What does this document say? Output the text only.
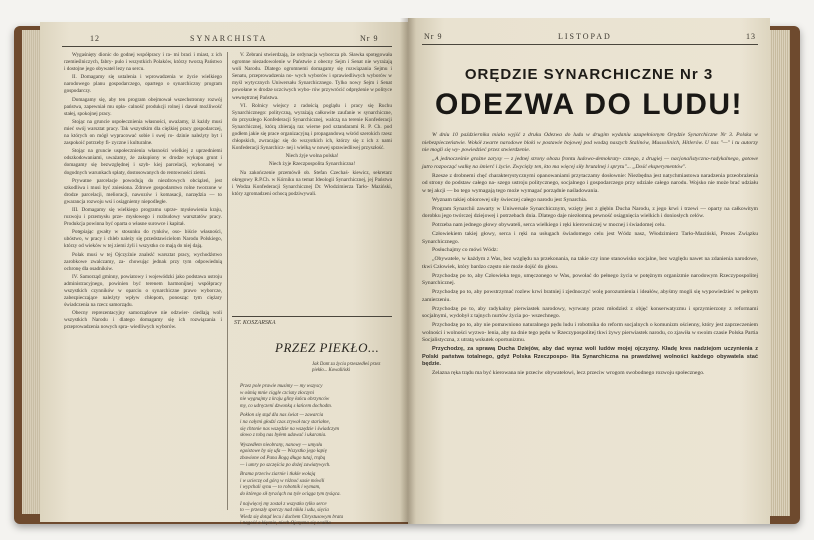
12	SYNARCHISTA	Nr 9

Wygaśnięty dionic do godnej współpracy i ra- mi braci i miast, z ich rzemieślniczych, fabry- pulo i wszystkich Polaków, którzy tworzą Państwo i dostojne jego obywatel lezy na sercu.

II. Domagamy się ustalenia i wprowadzenia w życie wielkiego narodowego planu gospodarczego, opartego o synarchiczny program gospodarczy.

Domagamy się, aby ten program obejmował wszechstronny rozwój państwa, zapewniał mu opła- calność produkcji rolnej i dawał możliwość stałej, spokojnej pracy.

Stojąc na gruncie uspołecznienia własności, uważamy, iż każdy musi mieć swój warsztat pracy. Tak wszystkim dla ciężkiej pracy gospodarczej, na których on mógł wypracować sobie i swej ro- dzinie należyty byt i zaspokoić potrzeby fi- zyczne i kulturalne.

Stojąc na gruncie uspołecznienia własności wielkiej z uprzedniemi odszkodowaniami, uważamy, że zakupiony w drodze wykupu grunt i domagamy się bezwzględnej i szyb- kiej parcelacji, wykonanej w dogodnych warunkach spłaty, dostosowanych do rentowności ziemi.

Prywatne parcelacje powodują do niezdrowych obciążeń, jest szkodliwa i musi być zniesiona. Zdrowe gospodarstwo rolne tworzone w drodze parcelacji, melioracji, nawozów i komasacji, narzędzia — to gwarancja rozwoju wsi i osiągniemy niepodległe.

III. Domagamy się wielkiego programu uprze- mysłowienia kraju, rozwoju i przemysłu prze- mysłowego i rozbudowy warsztatów pracy. Produkcja powinna być oparta o własne surowce i kapitał.

Potępiając gwałty w stosunku do rynków, oso- biście własności, ubóstwo, w pracy i chleb należy się przedstawicielom Narodu Polskiego, którzy od wieków w tej ziemi żyli i wszystko co mają do niej dają.

Polak musi w tej Ojczyźnie znaleźć warsztat pracy, wychodźstwo zarobkowe zwalczamy, za- chowując jednak przy tym odpowiednią ochronę dla osadników.

IV. Samorząd gminny, powiatowy i wojewódzki jako podstawa ustroju administracyjnego, powinien być terenem harmonijnej współpracy wszystkich czynników w oparciu o synarchiczne prawo wyborcze, zabezpieczające należyty wpływ chłopom, ponosząc tym ciężary świadczenia na rzecz samorządu.

Obecny reprezentacyjny samorządowe nie odzwier- ciedlają woli wszystkich Narodu i dlatego domagamy się ich rozwiązania i przeprowadzenia nowych spra- wiedliwych wyborów.

V. Zebrani stwierdzają, że ordynacja wyborcza pb. Sławka spotęgowała ogromne niezadowolenie w Państwie z obecny Sejm i Senat nie wyrażają woli Narodu. Dlatego ogromnemi domagamy się rozwiązania Sejmu i Senatu, przeprowadzenia no- wych wyborów i sprawiedliwych wyborów w myśl wytycznych Uniwersału Synarchicznego. Tylko nowy Sejm i Senat powołane w drodze uczciwych wybo- rów przywrócić odprężenie w polityce wewnętrznej Państwa.

VI. Rolnicy wiejscy z radością poglądu i pracy się Ruchu Synarchicznego: polityczną, wyrażają całkowite zaufanie w synarchiczne, do przyszłego Konfederacji Synarchicznej, walczą na terenie Konfederacji Synarchicznej, którą zbierają raz wierne pod sztandarami R. P. Ch. pod godłem jakie się prace organizacyjną i propagandową wśród szerokich rzesz chłopskich, zwracając się do wszystkich ich, którzy się z ich z nami Konfederacji Synarchicz- nej i wielką w nowej sprawiedliwej przyszłość.

Niech żyje wolna polska!

Niech żyje Rzeczpospolita Synarchiczna!

Na zakończenie przemówił ob. Stefan Czechaś- kiewicz, sekretarz okręgowy R.P.Ch. w Kórniku na temat Ideologii Synarchicznej, jej Państwa i Wodza Konfederacji Synarchicznej Dr. Włodzimierza Tarło- Maziński, który zgromadzeni ochocą podziwywali.

ST. KOSZARSKA
PRZEZ PIEKŁO...
Jak Dant za życia przeszedłeś przez piekło... Kowaliński
Przez pole prawie musimy — my wszyscy
w ośmią mnie ciągle czcisny złoczyni
nie wygnajmy z kraju gliny łańcu obrzynców
my, co udręczeni dzwonką s łańcem dochodm.
Pokłon się stąd dla nas świat — zawarcia
i na całymi głodzi czas zrywał tacy stariałne,
się chtonie nas wszędzie na wszędzie i świadczym
słowo z tobą nas byłem udawać i ukarania.
Wyszedłem nieobrany, nanowy — umysłu
egoistowe by się ufa — Wszystko jego łapię
zbawione od Pana Bogą długo tutaj, trąbą
— i umry po szczęścia po dożej zawiatywych.
Brama przeciw ziarnie i tłukle wołają
i w ucieczę od górą w różnoć sasie mówili
i wypchali synu — to robotnik i wymam,
do którego sił tyraćąch na tyle ociąga tym tysiąca.
I najwięcej my został z wszystko tylko serce
to — przeszły sporczy nad nikła i udu, sięcia
Wiedz się dotąd lecu i duchem Chrystusowym brata
i nagość a klęcnie, niech Ojczyzna się ocaliła
Nr 9	LISTOPAD	13
ORĘDZIE SYNARCHICZNE Nr 3
ODEZWA DO LUDU!

W dniu 10 października miała wyjść z druku Odezwa do ludu w drugim wydaniu uzupełnionym Orędzie Synarchiczne Nr 3. Polska w niebezpieczeństwie. Wokół zwarte narodowe bloki w postawie bojowej pod wodzą naszych Stalinów, Mussolinich, Hitlerów. U nas "—" i tu autorzy nie mogli się wy- powiedzieć przez stwierdzenie.

„A jednocześnie grożne zarysy — z jednej strony obozu frontu ludowo-demokraty- cznego, z drugiej — nacjonalistyczno-radykalnego, gotowe jutro rozpocząć walkę na śmierć i życie. Zwycięży ten, kto ma więcej siły brutalnej i sprytu"... „Dość eksperymentów".

Rzesze z drobnemi chęć charakterystycznymi opanowaniami przytaczamy dosłownie: Niezbędna jest natychmiastowa naradzenia przeobrażenia od strony do podstaw całego na- szego ustroju politycznego, socjalnego i gospodarczego przy udziale całego narodu. Wojsko nie może brać udziału w tej akcji — bo tego wymagają tego może wymagać porządnie naśladowania.

Wyznam takiej obiorowej siły świeczej całego narodu jest Synarchia.

Program Synarchii zawarty w Uniwersale Synarchicznym, wzięty jest z głębin Ducha Narodu, z jego krwi i trzewi — oparty na całkowitym dorobku jego twórczej dziejowej i potrzebach dnia. Dlatego daje niezłomną pewność osiągnięcia wielkich i doniosłych celów.

Potrzeba nam jednego głowy obywateli, serca wielkiego i ręki kierowniczej w mocnej i świadomej celu.

Człowiekiem takiej głowy, serca i ręki na usługach świadomego celu jest Wódz nasz, Włodzimierz Tarło-Maziński, Prezes Związku Synarchicznego.

Posłuchajmy co mówi Wódz:

„Obywatele, w każdym z Was, bez względu na przekonania, na takie czy inne stanowisko socjalne, bez względu nawet na zdanienia narodowe, tkwi Człowiek, który bardzo często nie może dojść do głosu.

Przychodzę po to, aby Człowieka tego, umęczonego w Was, powołać do pełnego życia w potężnym organizmie narodowym Rzeczypospolitej Synarchicznej.

Przychodzę po to, aby powstrzymać rozlew krwi bratniej i zjednoczyć wolę porozumienia i ideałów, abyśmy mogli się wypowiedzieć w pełnym zamierzeniu.

Przychodzę po to, aby radykalny pierwiastek narodowy, wyrwany przez młodzież z objęć konserwatyzmu i sprzymierzony z reformami socjalnymi, wydobył z tajnych nurtów życia po- wszechnego.

Przychodzę po to, aby nie pomawniono naturalnego pędu ludu i robotnika do reform socjalnych o komunizm ościenny, który jest zaprzeczeniem wolności i wolności wyzwo- lenia, aby na dnie tego pędu w Rzeczypospolitej tkwi żywy pierwiastek narodu, co zjawiła w swoim czasie Polska Partia Socjalistyczna, z utratą wskutek oportunizmu.

Przychodzę, za sprawą Ducha Dziejów, aby dać wyraz woli ludów mojej ojczyzny. Kładę kres nadziejom uczynienia z Polski państwa totalnego, gdyż Polska Rzeczpospo- lita Synarchiczna na prawdziwej wolności każdego obywatela stać będzie.

Zelazna ręka trądu ma być kierowana nie przeciw obywatelowi, lecz przeciw wrogom swobodnego rozwoju społecznego.
